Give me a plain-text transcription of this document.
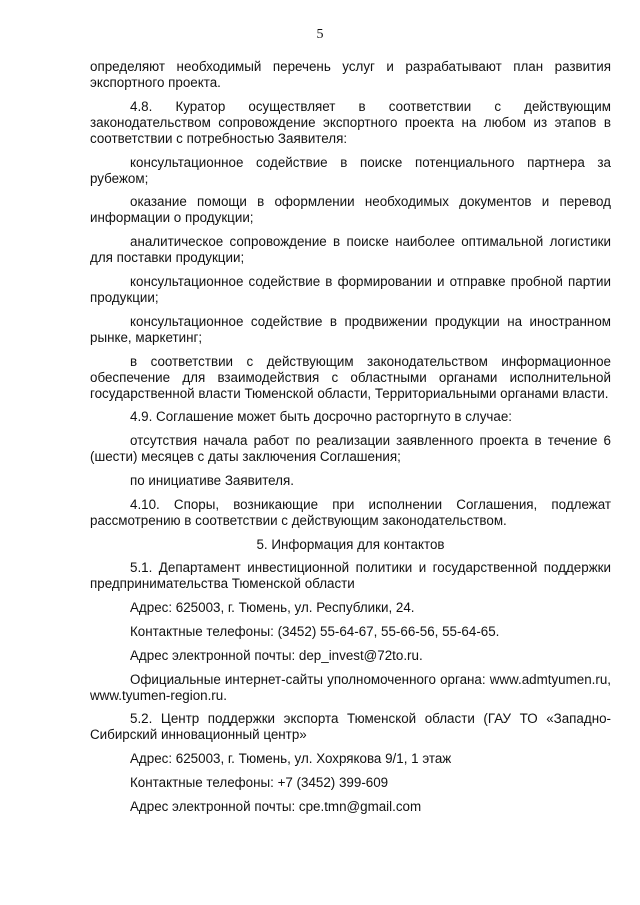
5

определяют необходимый перечень услуг и разрабатывают план развития экспортного проекта.

4.8. Куратор осуществляет в соответствии с действующим законодательством сопровождение экспортного проекта на любом из этапов в соответствии с потребностью Заявителя:

консультационное содействие в поиске потенциального партнера за рубежом;

оказание помощи в оформлении необходимых документов и перевод информации о продукции;

аналитическое сопровождение в поиске наиболее оптимальной логистики для поставки продукции;

консультационное содействие в формировании и отправке пробной партии продукции;

консультационное содействие в продвижении продукции на иностранном рынке, маркетинг;

в соответствии с действующим законодательством информационное обеспечение для взаимодействия с областными органами исполнительной государственной власти Тюменской области, Территориальными органами власти.

4.9. Соглашение может быть досрочно расторгнуто в случае:

отсутствия начала работ по реализации заявленного проекта в течение 6 (шести) месяцев с даты заключения Соглашения;

по инициативе Заявителя.

4.10. Споры, возникающие при исполнении Соглашения, подлежат рассмотрению в соответствии с действующим законодательством.

5. Информация для контактов

5.1. Департамент инвестиционной политики и государственной поддержки предпринимательства Тюменской области

Адрес: 625003, г. Тюмень, ул. Республики, 24.

Контактные телефоны: (3452) 55-64-67, 55-66-56, 55-64-65.

Адрес электронной почты: dep_invest@72to.ru.

Официальные интернет-сайты уполномоченного органа: www.admtyumen.ru, www.tyumen-region.ru.

5.2. Центр поддержки экспорта Тюменской области (ГАУ ТО «Западно-Сибирский инновационный центр»

Адрес: 625003, г. Тюмень, ул. Хохрякова 9/1, 1 этаж

Контактные телефоны: +7 (3452) 399-609

Адрес электронной почты: cpe.tmn@gmail.com
